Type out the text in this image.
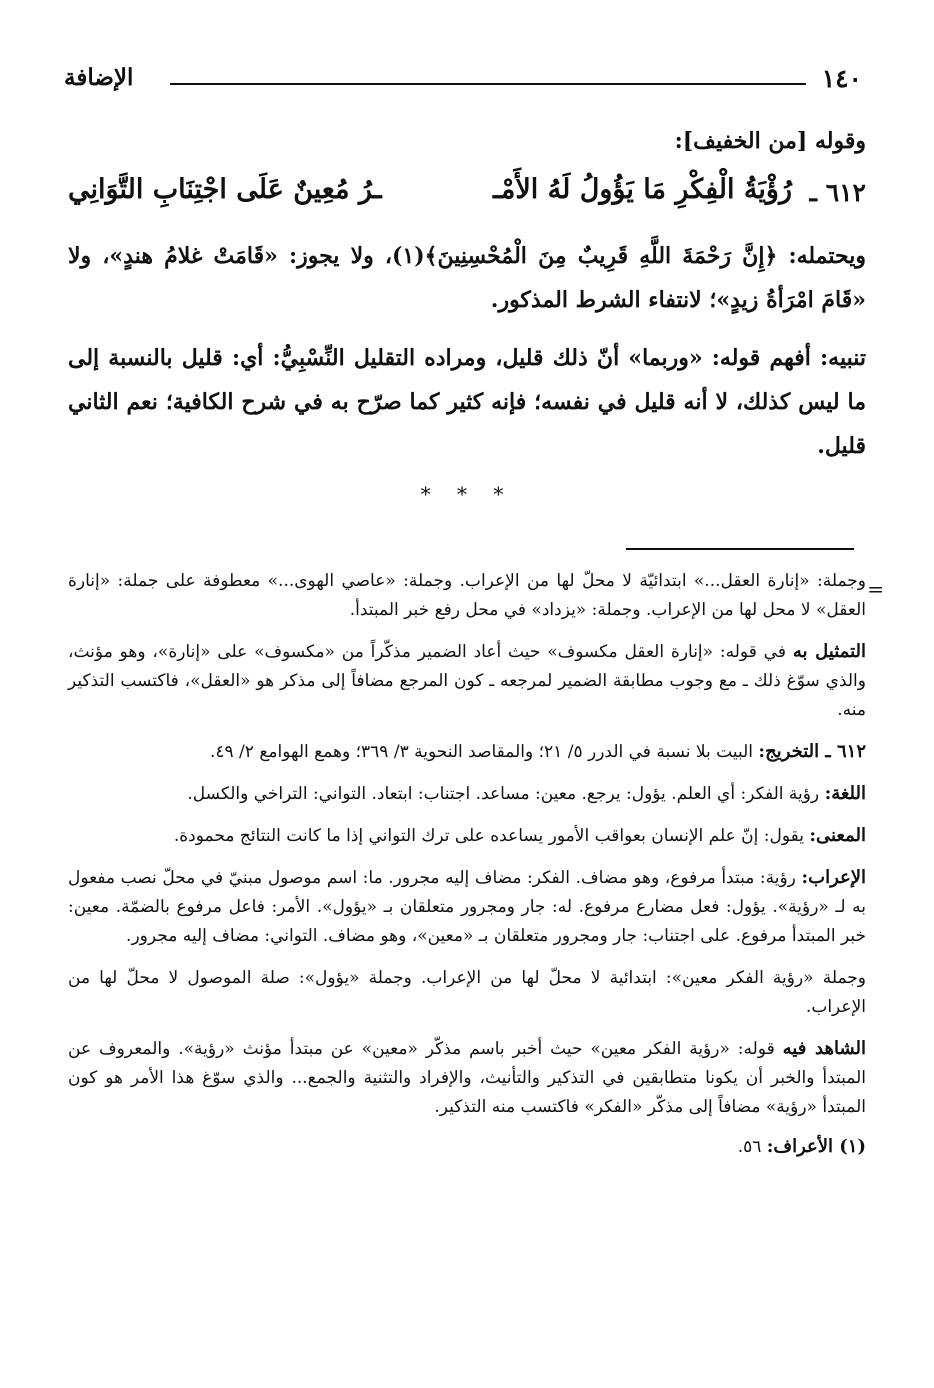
١٤٠
الإضافة

وقوله [من الخفيف]:

٦١٢ ـ
رُؤْيَةُ الْفِكْرِ مَا يَؤُولُ لَهُ الأَمْـ
ـرُ مُعِينٌ عَلَى اجْتِنَابِ التَّوَانِي

ويحتمله: ﴿إِنَّ رَحْمَةَ اللَّهِ قَرِيبٌ مِنَ الْمُحْسِنِينَ﴾(١)، ولا يجوز: «قَامَتْ غلامُ هندٍ»، ولا «قَامَ امْرَأةُ زيدٍ»؛ لانتفاء الشرط المذكور.

تنبيه: أفهم قوله: «وربما» أنّ ذلك قليل، ومراده التقليل النِّسْبِيُّ: أي: قليل بالنسبة إلى ما ليس كذلك، لا أنه قليل في نفسه؛ فإنه كثير كما صرّح به في شرح الكافية؛ نعم الثاني قليل.

* * *
=

وجملة: «إنارة العقل...» ابتدائيّة لا محلّ لها من الإعراب. وجملة: «عاصي الهوى...» معطوفة على جملة: «إنارة العقل» لا محل لها من الإعراب. وجملة: «يزداد» في محل رفع خبر المبتدأ.

التمثيل به في قوله: «إنارة العقل مكسوف» حيث أعاد الضمير مذكّراً من «مكسوف» على «إنارة»، وهو مؤنث، والذي سوّغ ذلك ـ مع وجوب مطابقة الضمير لمرجعه ـ كون المرجع مضافاً إلى مذكر هو «العقل»، فاكتسب التذكير منه.

٦١٢ ـ التخريج: البيت بلا نسبة في الدرر ٥/ ٢١؛ والمقاصد النحوية ٣/ ٣٦٩؛ وهمع الهوامع ٢/ ٤٩.

اللغة: رؤية الفكر: أي العلم. يؤول: يرجع. معين: مساعد. اجتناب: ابتعاد. التواني: التراخي والكسل.

المعنى: يقول: إنّ علم الإنسان بعواقب الأمور يساعده على ترك التواني إذا ما كانت النتائج محمودة.

الإعراب: رؤية: مبتدأ مرفوع، وهو مضاف. الفكر: مضاف إليه مجرور. ما: اسم موصول مبنيّ في محلّ نصب مفعول به لـ «رؤية». يؤول: فعل مضارع مرفوع. له: جار ومجرور متعلقان بـ «يؤول». الأمر: فاعل مرفوع بالضمّة. معين: خبر المبتدأ مرفوع. على اجتناب: جار ومجرور متعلقان بـ «معين»، وهو مضاف. التواني: مضاف إليه مجرور.

وجملة «رؤية الفكر معين»: ابتدائية لا محلّ لها من الإعراب. وجملة «يؤول»: صلة الموصول لا محلّ لها من الإعراب.

الشاهد فيه قوله: «رؤية الفكر معين» حيث أخبر باسم مذكّر «معين» عن مبتدأ مؤنث «رؤية». والمعروف عن المبتدأ والخبر أن يكونا متطابقين في التذكير والتأنيث، والإفراد والتثنية والجمع... والذي سوّغ هذا الأمر هو كون المبتدأ «رؤية» مضافاً إلى مذكّر «الفكر» فاكتسب منه التذكير.

(١) الأعراف: ٥٦.
